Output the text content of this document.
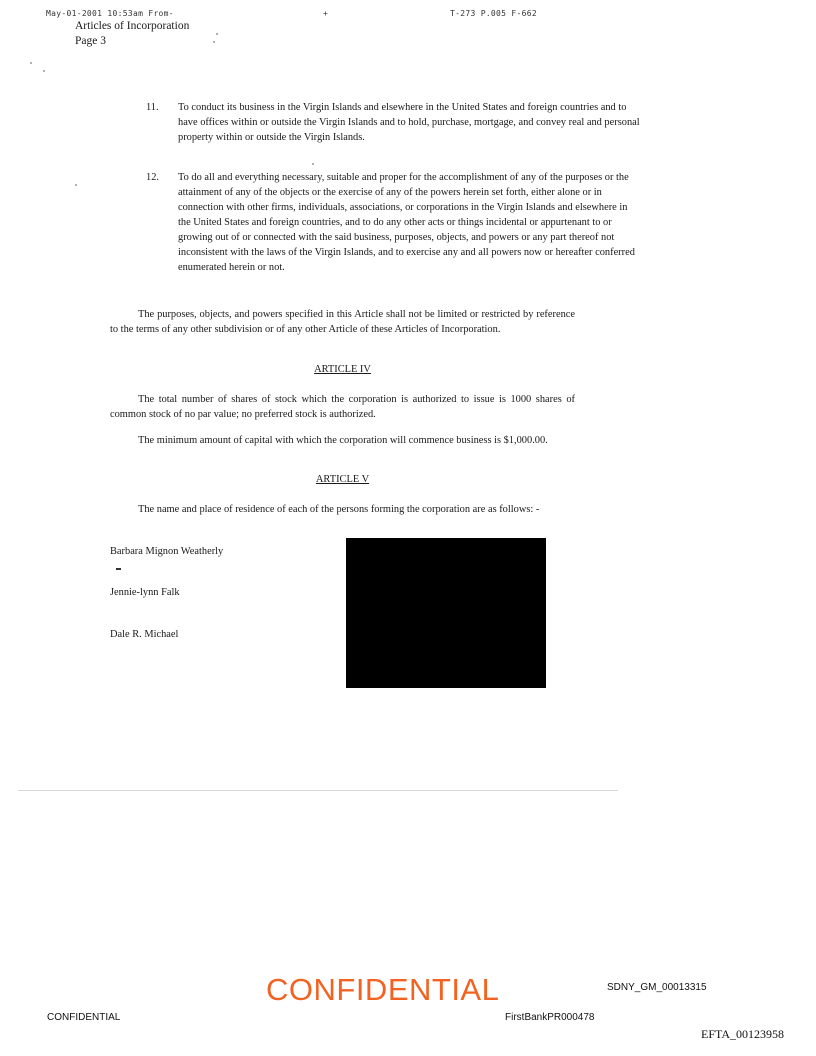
May-01-2001 10:53am From-	+	T-273 P.005 F-662
Articles of Incorporation
Page 3
11.	To conduct its business in the Virgin Islands and elsewhere in the United States and foreign countries and to have offices within or outside the Virgin Islands and to hold, purchase, mortgage, and convey real and personal property within or outside the Virgin Islands.
12.	To do all and everything necessary, suitable and proper for the accomplishment of any of the purposes or the attainment of any of the objects or the exercise of any of the powers herein set forth, either alone or in connection with other firms, individuals, associations, or corporations in the Virgin Islands and elsewhere in the United States and foreign countries, and to do any other acts or things incidental or appurtenant to or growing out of or connected with the said business, purposes, objects, and powers or any part thereof not inconsistent with the laws of the Virgin Islands, and to exercise any and all powers now or hereafter conferred enumerated herein or not.
The purposes, objects, and powers specified in this Article shall not be limited or restricted by reference to the terms of any other subdivision or of any other Article of these Articles of Incorporation.
ARTICLE IV
The total number of shares of stock which the corporation is authorized to issue is 1000 shares of common stock of no par value; no preferred stock is authorized.
The minimum amount of capital with which the corporation will commence business is $1,000.00.
ARTICLE V
The name and place of residence of each of the persons forming the corporation are as follows: -
Barbara Mignon Weatherly
Jennie-lynn Falk
Dale R. Michael
SDNY_GM_00013315
CONFIDENTIAL
CONFIDENTIAL	FirstBankPR000478
EFTA_00123958
